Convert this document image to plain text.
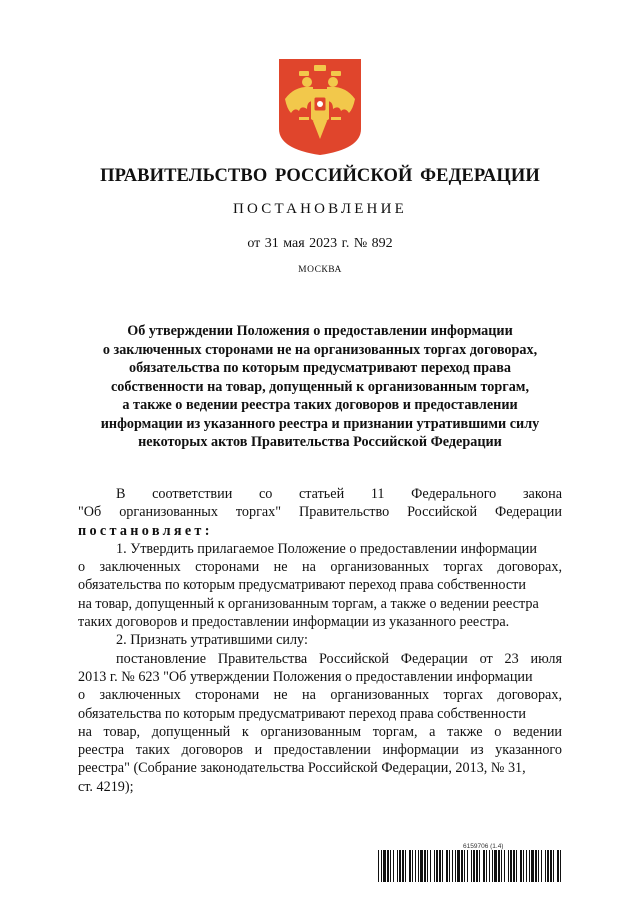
ПРАВИТЕЛЬСТВО РОССИЙСКОЙ ФЕДЕРАЦИИ
ПОСТАНОВЛЕНИЕ
от 31 мая 2023 г. № 892
МОСКВА
Об утверждении Положения о предоставлении информации
о заключенных сторонами не на организованных торгах договорах,
обязательства по которым предусматривают переход права
собственности на товар, допущенный к организованным торгам,
а также о ведении реестра таких договоров и предоставлении
информации из указанного реестра и признании утратившими силу
некоторых актов Правительства Российской Федерации
В соответствии со статьей 11 Федерального закона
"Об организованных торгах" Правительство Российской Федерации
постановляет:
1. Утвердить прилагаемое Положение о предоставлении информации
о заключенных сторонами не на организованных торгах договорах,
обязательства по которым предусматривают переход права собственности
на товар, допущенный к организованным торгам, а также о ведении реестра
таких договоров и предоставлении информации из указанного реестра.
2. Признать утратившими силу:
постановление Правительства Российской Федерации от 23 июля
2013 г. № 623 "Об утверждении Положения о предоставлении информации
о заключенных сторонами не на организованных торгах договорах,
обязательства по которым предусматривают переход права собственности
на товар, допущенный к организованным торгам, а также о ведении
реестра таких договоров и предоставлении информации из указанного
реестра" (Собрание законодательства Российской Федерации, 2013, № 31,
ст. 4219);
6159706 (1.4)
